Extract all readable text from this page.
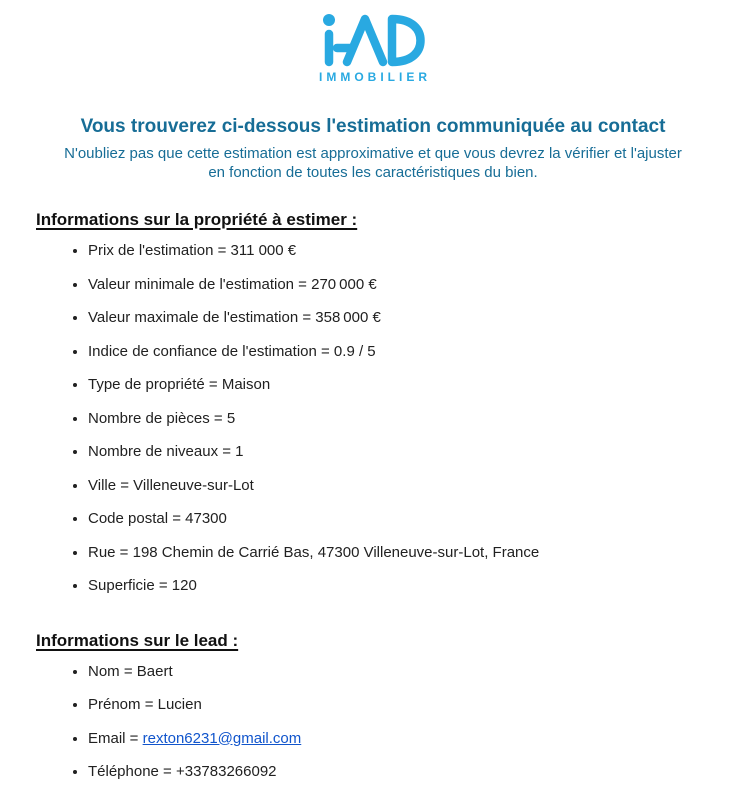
IMMOBILIER
Vous trouverez ci-dessous l'estimation communiquée au contact

N'oubliez pas que cette estimation est approximative et que vous devrez la vérifier et l'ajuster
en fonction de toutes les caractéristiques du bien.

Informations sur la propriété à estimer :
• Prix de l'estimation = 311 000 €
• Valeur minimale de l'estimation = 270 000 €
• Valeur maximale de l'estimation = 358 000 €
• Indice de confiance de l'estimation = 0.9 / 5
• Type de propriété = Maison
• Nombre de pièces = 5
• Nombre de niveaux = 1
• Ville = Villeneuve-sur-Lot
• Code postal = 47300
• Rue = 198 Chemin de Carrié Bas, 47300 Villeneuve-sur-Lot, France
• Superficie = 120
Informations sur le lead :
• Nom = Baert
• Prénom = Lucien
• Email = rexton6231@gmail.com
• Téléphone = +33783266092
